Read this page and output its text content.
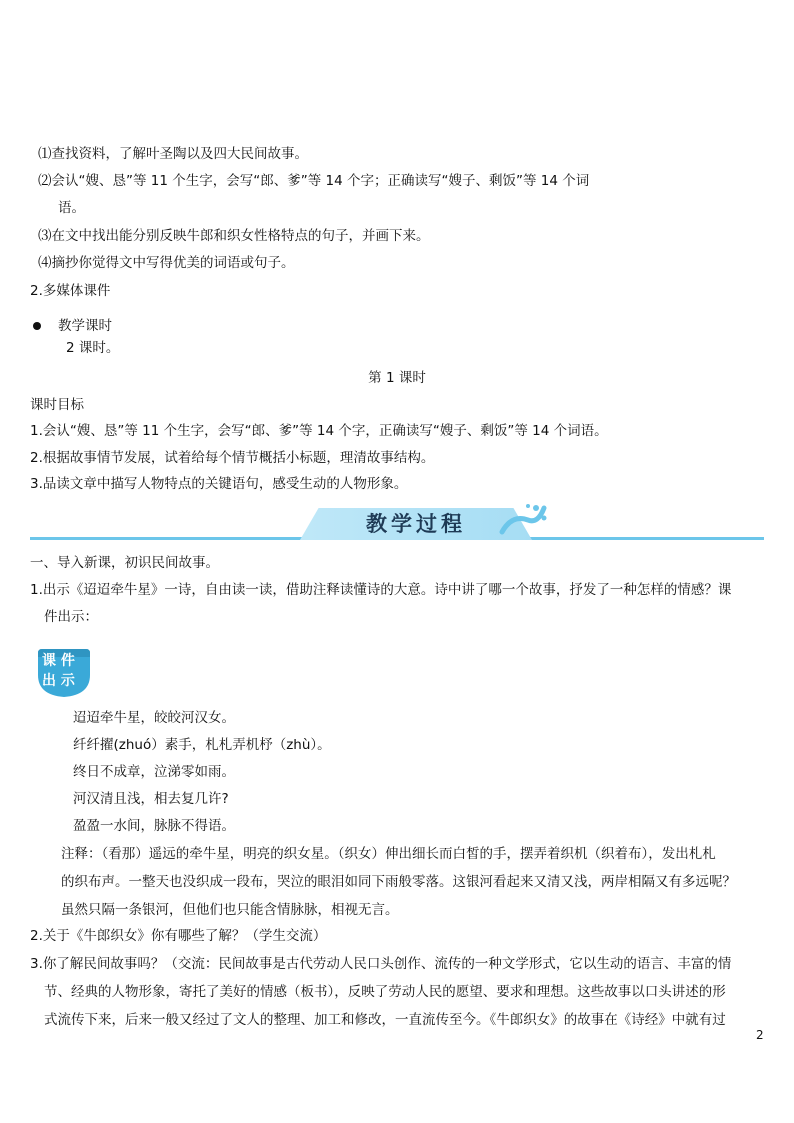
⑴查找资料，了解叶圣陶以及四大民间故事。
⑵会认“嫂、恳”等 11 个生字，会写“郎、爹”等 14 个字；正确读写“嫂子、剩饭”等 14 个词
语。
⑶在文中找出能分别反映牛郎和织女性格特点的句子，并画下来。
⑷摘抄你觉得文中写得优美的词语或句子。
2.多媒体课件
教学课时
2 课时。
第 1 课时
课时目标
1.会认“嫂、恳”等 11 个生字，会写“郎、爹”等 14 个字，正确读写“嫂子、剩饭”等 14 个词语。
2.根据故事情节发展，试着给每个情节概括小标题，理清故事结构。
3.品读文章中描写人物特点的关键语句，感受生动的人物形象。
教学过程
一、导入新课，初识民间故事。
1.出示《迢迢牵牛星》一诗，自由读一读，借助注释读懂诗的大意。诗中讲了哪一个故事，抒发了一种怎样的情感？课
件出示：
课 件
出 示
迢迢牵牛星，皎皎河汉女。
纤纤擢(zhuó）素手，札札弄机杼（zhù）。
终日不成章，泣涕零如雨。
河汉清且浅，相去复几许?
盈盈一水间，脉脉不得语。
注释：（看那）遥远的牵牛星，明亮的织女星。（织女）伸出细长而白皙的手，摆弄着织机（织着布），发出札札
的织布声。一整天也没织成一段布，哭泣的眼泪如同下雨般零落。这银河看起来又清又浅，两岸相隔又有多远呢？
虽然只隔一条银河，但他们也只能含情脉脉，相视无言。
2.关于《牛郎织女》你有哪些了解？（学生交流）
3.你了解民间故事吗？（交流：民间故事是古代劳动人民口头创作、流传的一种文学形式，它以生动的语言、丰富的情
节、经典的人物形象，寄托了美好的情感（板书），反映了劳动人民的愿望、要求和理想。这些故事以口头讲述的形
式流传下来，后来一般又经过了文人的整理、加工和修改，一直流传至今。《牛郎织女》的故事在《诗经》中就有过
2
